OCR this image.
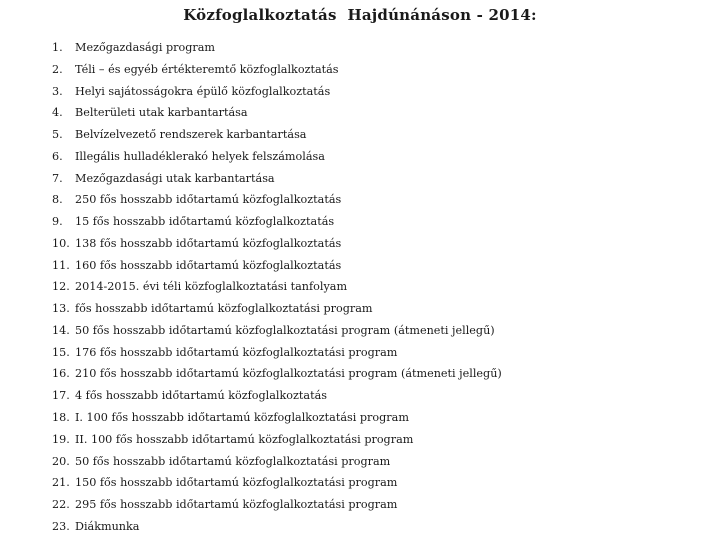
Közfoglalkoztatás  Hajdúnánáson - 2014:
1.	Mezőgazdasági program
2.	Téli – és egyéb értékteremtő közfoglalkoztatás
3.	Helyi sajátosságokra épülő közfoglalkoztatás
4.	Belterületi utak karbantartása
5.	Belvízelvezető rendszerek karbantartása
6.	Illegális hulladéklerakó helyek felszámolása
7.	Mezőgazdasági utak karbantartása
8.	250 fős hosszabb időtartamú közfoglalkoztatás
9.	15 fős hosszabb időtartamú közfoglalkoztatás
10. 138 fős hosszabb időtartamú közfoglalkoztatás
11. 160 fős hosszabb időtartamú közfoglalkoztatás
12. 2014-2015. évi téli közfoglalkoztatási tanfolyam
13. fős hosszabb időtartamú közfoglalkoztatási program
14. 50 fős hosszabb időtartamú közfoglalkoztatási program (átmeneti jellegű)
15. 176 fős hosszabb időtartamú közfoglalkoztatási program
16. 210 fős hosszabb időtartamú közfoglalkoztatási program (átmeneti jellegű)
17. 4 fős hosszabb időtartamú közfoglalkoztatás
18. I. 100 fős hosszabb időtartamú közfoglalkoztatási program
19. II. 100 fős hosszabb időtartamú közfoglalkoztatási program
20. 50 fős hosszabb időtartamú közfoglalkoztatási program
21. 150 fős hosszabb időtartamú közfoglalkoztatási program
22. 295 fős hosszabb időtartamú közfoglalkoztatási program
23. Diákmunka
